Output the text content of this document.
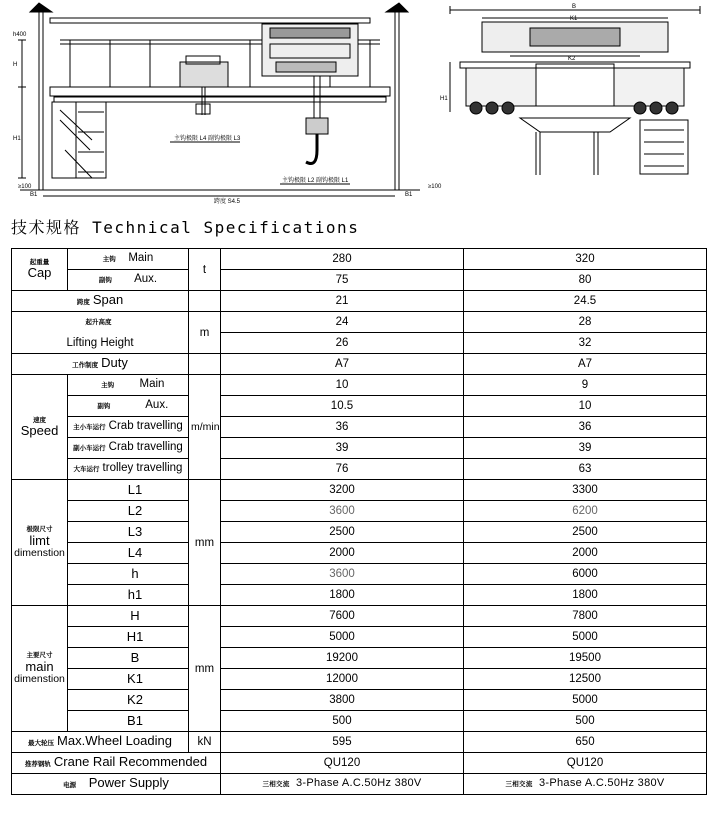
H
H1
h400
跨度 S4.5
主钩极限 L4 副钩极限 L3
主钩极限 L2 副钩极限 L1
≥100
B1
≥100
B1
B
K1
K2
H1
技术规格 Technical Specifications
起重量
Cap	主钩 Main	t	280	320
	副钩 Aux.		75	80
跨度 Span			21	24.5
起升高度		m	24	28
Lifting Height			26	32
工作制度 Duty			A7	A7

速度
Speed	主钩 Main	m/min	10	9
	副钩 Aux.		10.5	10
	主小车运行 Crab travelling		36	36
	副小车运行 Crab travelling		39	39
	大车运行 trolley travelling		76	63

极限尺寸
limt
dimenstion	L1	mm	3200	3300
	L2		3600	6200
	L3		2500	2500
	L4		2000	2000
	h		3600	6000
	h1		1800	1800

主要尺寸
main
dimenstion	H	mm	7600	7800
	H1		5000	5000
	B		19200	19500
	K1		12000	12500
	K2		3800	5000
	B1		500	500
最大轮压 Max.Wheel Loading		kN	595	650
推荐钢轨 Crane Rail Recommended			QU120	QU120
电源 Power Supply			三相交流 3-Phase A.C.50Hz 380V	三相交流 3-Phase A.C.50Hz 380V
